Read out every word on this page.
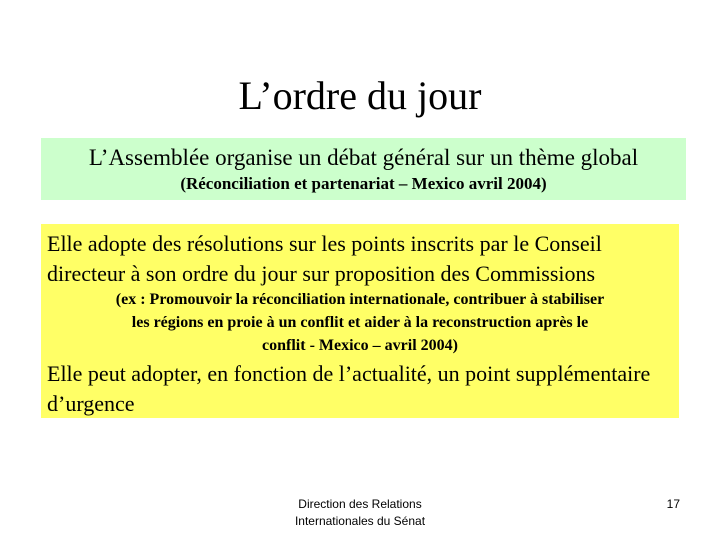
L’ordre du jour
L’Assemblée organise un débat général sur un thème global
(Réconciliation et partenariat – Mexico avril 2004)
Elle adopte des résolutions sur les points inscrits par le Conseil directeur à son ordre du jour sur proposition des Commissions
(ex : Promouvoir la réconciliation internationale, contribuer à stabiliser
les régions en proie à un conflit et aider à la reconstruction après le
conflit - Mexico – avril 2004)
Elle peut adopter, en fonction de l’actualité, un point supplémentaire d’urgence
Direction des Relations
Internationales du Sénat
17
